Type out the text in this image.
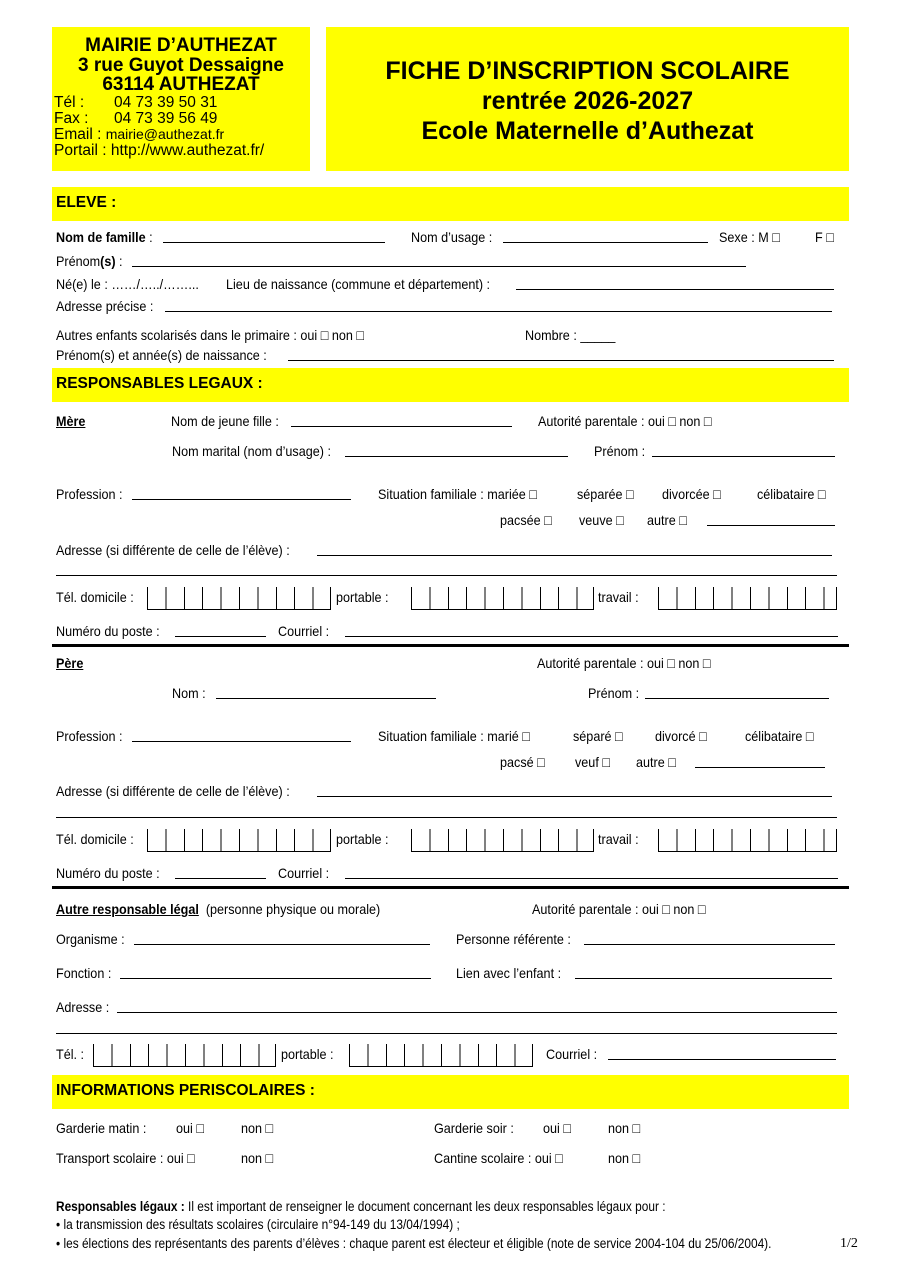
MAIRIE D’AUTHEZAT
3 rue Guyot Dessaigne
63114 AUTHEZAT
Tél : 04 73 39 50 31
Fax : 04 73 39 56 49
Email : mairie@authezat.fr
Portail : http://www.authezat.fr/
FICHE D’INSCRIPTION SCOLAIRE
rentrée 2026-2027
Ecole Maternelle d’Authezat
ELEVE :
Nom de famille :	Nom d’usage :	Sexe : M □	F □
Prénom(s) :
Né(e) le : ……/…../……... Lieu de naissance (commune et département) :
Adresse précise :
Autres enfants scolarisés dans le primaire : oui □ non □	Nombre : _____
Prénom(s) et année(s) de naissance :
RESPONSABLES LEGAUX :
Mère	Nom de jeune fille :	Autorité parentale : oui □ non □
Nom marital (nom d’usage) :	Prénom :
Profession :	Situation familiale : mariée □	séparée □ divorcée □	célibataire □
pacsée □ veuve □ autre □
Adresse (si différente de celle de l’élève) :
Tél. domicile :	portable :	travail :
Numéro du poste :	Courriel :
Père	Autorité parentale : oui □ non □
Nom :	Prénom :
Profession :	Situation familiale : marié □	séparé □ divorcé □	célibataire □
pacsé □ veuf □ autre □
Adresse (si différente de celle de l’élève) :
Tél. domicile :	portable :	travail :
Numéro du poste :	Courriel :
Autre responsable légal (personne physique ou morale)	Autorité parentale : oui □ non □
Organisme :	Personne référente :
Fonction :	Lien avec l’enfant :
Adresse :
Tél. :	portable :	Courriel :
INFORMATIONS PERISCOLAIRES :
Garderie matin : oui □	non □	Garderie soir : oui □	non □
Transport scolaire : oui □	non □	Cantine scolaire : oui □	non □
Responsables légaux : Il est important de renseigner le document concernant les deux responsables légaux pour :
• la transmission des résultats scolaires (circulaire n°94-149 du 13/04/1994) ;
• les élections des représentants des parents d’élèves : chaque parent est électeur et éligible (note de service 2004-104 du 25/06/2004).	1/2
